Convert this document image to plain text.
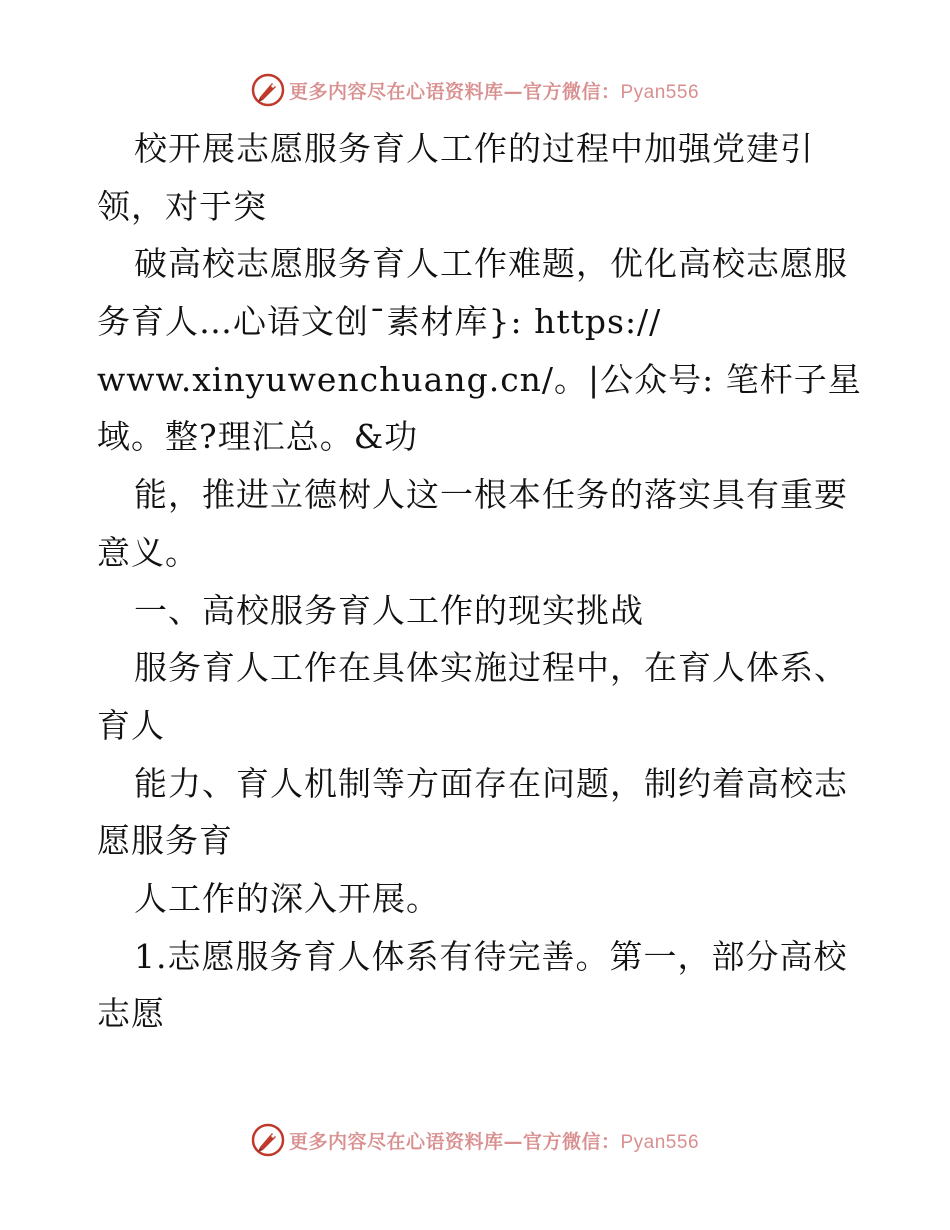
更多内容尽在心语资料库—官方微信：Pyan556
校开展志愿服务育人工作的过程中加强党建引
领，对于突
破高校志愿服务育人工作难题，优化高校志愿服
务育人…心语文创¯素材库}: https://
www.xinyuwenchuang.cn/。|公众号: 笔杆子星
域。整?理汇总。&功
能，推进立德树人这一根本任务的落实具有重要
意义。
一、高校服务育人工作的现实挑战
服务育人工作在具体实施过程中，在育人体系、
育人
能力、育人机制等方面存在问题，制约着高校志
愿服务育
人工作的深入开展。
1.志愿服务育人体系有待完善。第一，部分高校
志愿
更多内容尽在心语资料库—官方微信：Pyan556
